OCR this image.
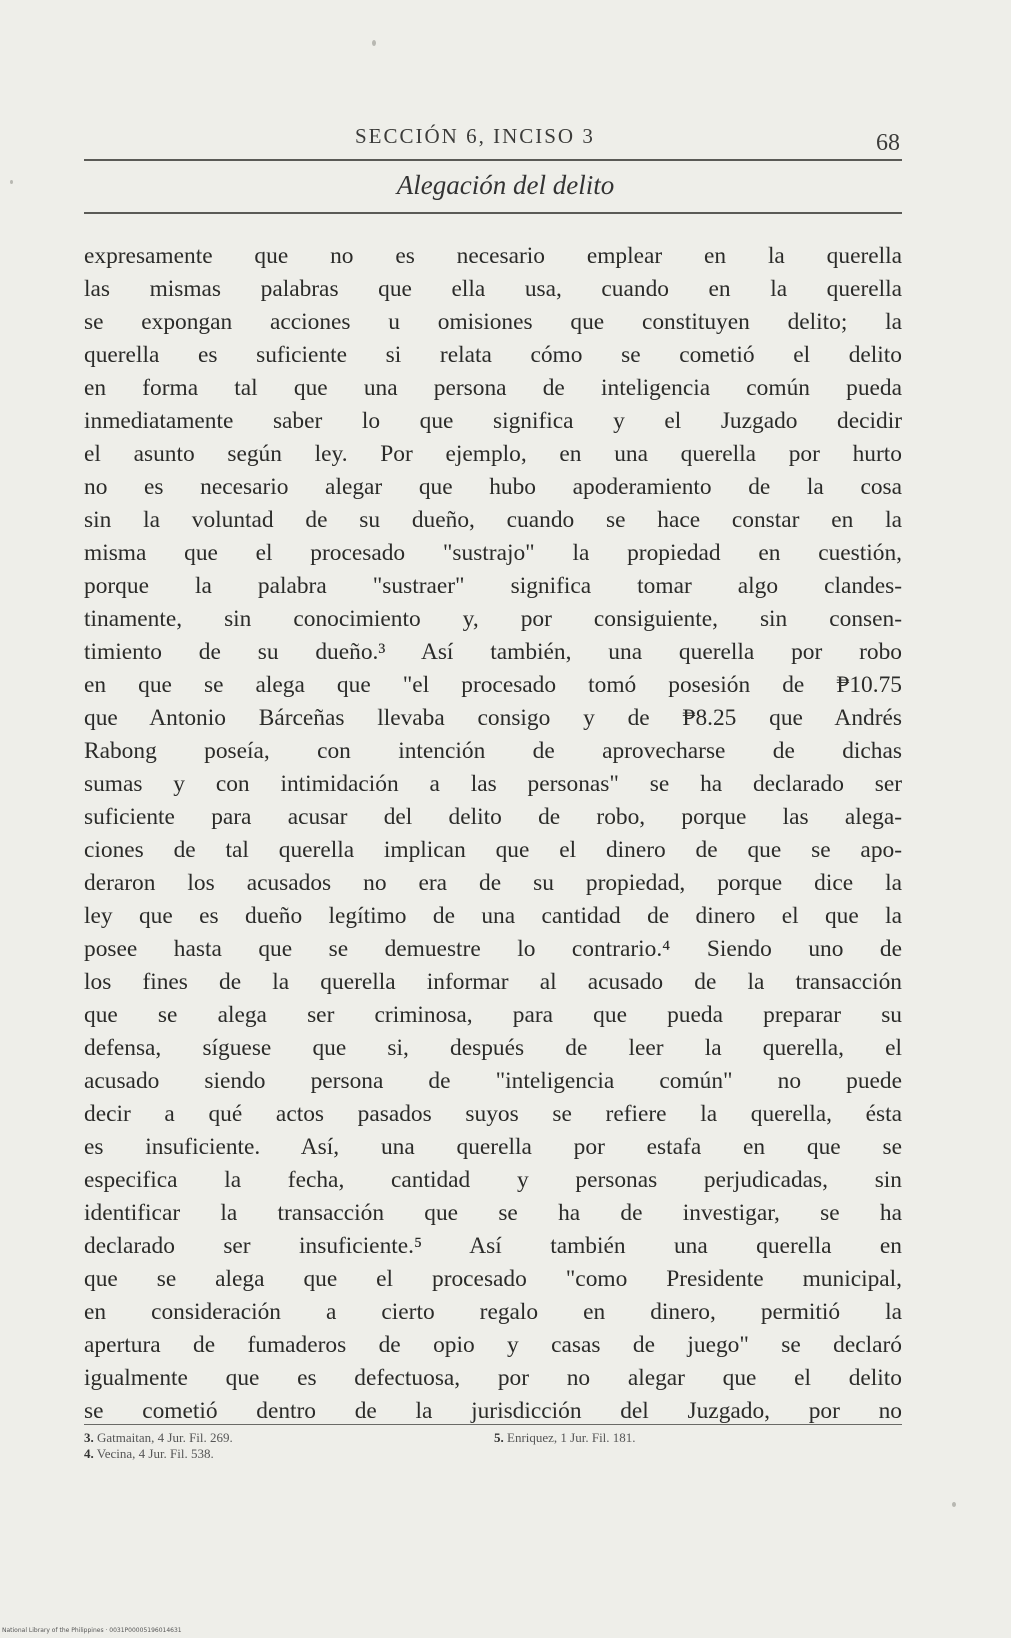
SECCIÓN 6, INCISO 3	68
Alegación del delito
expresamente que no es necesario emplear en la querella
las mismas palabras que ella usa, cuando en la querella
se expongan acciones u omisiones que constituyen delito; la
querella es suficiente si relata cómo se cometió el delito
en forma tal que una persona de inteligencia común pueda
inmediatamente saber lo que significa y el Juzgado decidir
el asunto según ley. Por ejemplo, en una querella por hurto
no es necesario alegar que hubo apoderamiento de la cosa
sin la voluntad de su dueño, cuando se hace constar en la
misma que el procesado "sustrajo" la propiedad en cuestión,
porque la palabra "sustraer" significa tomar algo clandes-
tinamente, sin conocimiento y, por consiguiente, sin consen-
timiento de su dueño.³ Así también, una querella por robo
en que se alega que "el procesado tomó posesión de ₱10.75
que Antonio Bárceñas llevaba consigo y de ₱8.25 que Andrés
Rabong poseía, con intención de aprovecharse de dichas
sumas y con intimidación a las personas" se ha declarado ser
suficiente para acusar del delito de robo, porque las alega-
ciones de tal querella implican que el dinero de que se apo-
deraron los acusados no era de su propiedad, porque dice la
ley que es dueño legítimo de una cantidad de dinero el que la
posee hasta que se demuestre lo contrario.⁴ Siendo uno de
los fines de la querella informar al acusado de la transacción
que se alega ser criminosa, para que pueda preparar su
defensa, síguese que si, después de leer la querella, el
acusado siendo persona de "inteligencia común" no puede
decir a qué actos pasados suyos se refiere la querella, ésta
es insuficiente. Así, una querella por estafa en que se
especifica la fecha, cantidad y personas perjudicadas, sin
identificar la transacción que se ha de investigar, se ha
declarado ser insuficiente.⁵ Así también una querella en
que se alega que el procesado "como Presidente municipal,
en consideración a cierto regalo en dinero, permitió la
apertura de fumaderos de opio y casas de juego" se declaró
igualmente que es defectuosa, por no alegar que el delito
se cometió dentro de la jurisdicción del Juzgado, por no
3. Gatmaitan, 4 Jur. Fil. 269.
4. Vecina, 4 Jur. Fil. 538.
5. Enriquez, 1 Jur. Fil. 181.
National Library of the Philippines · 0031P00005196014631
